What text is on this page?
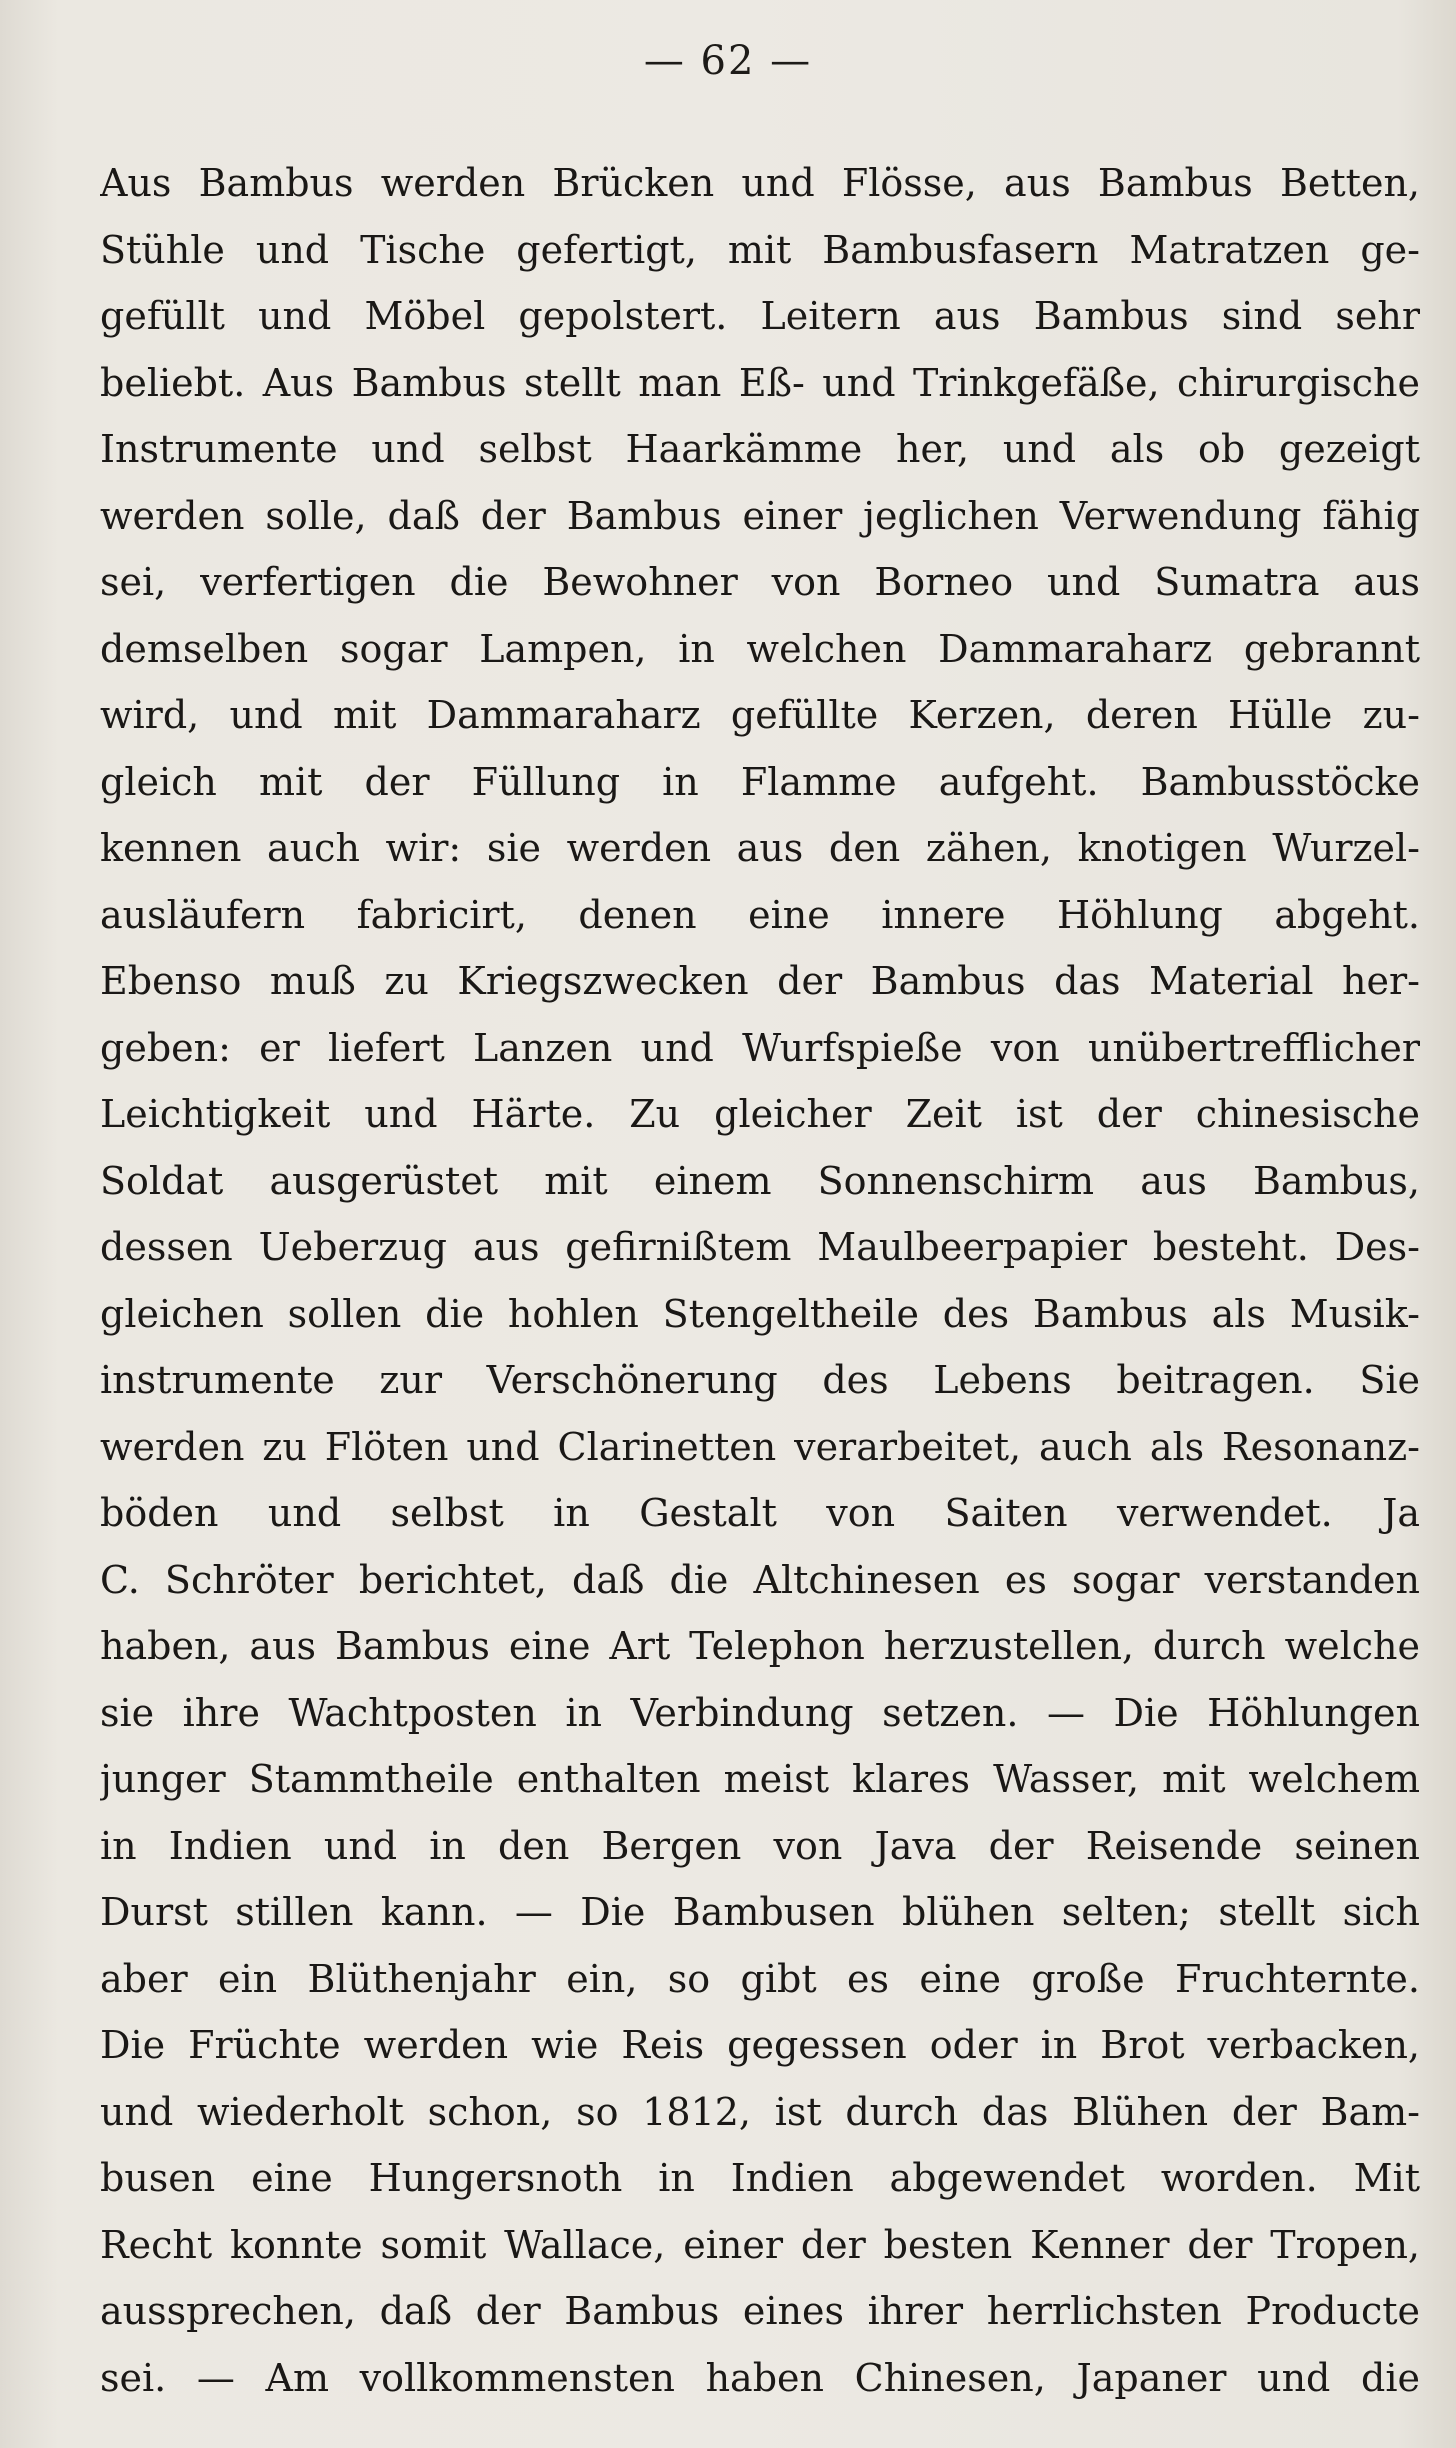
— 62 —
Aus Bambus werden Brücken und Flösse, aus Bambus Betten,
Stühle und Tische gefertigt, mit Bambusfasern Matratzen ge-
gefüllt und Möbel gepolstert. Leitern aus Bambus sind sehr
beliebt. Aus Bambus stellt man Eß- und Trinkgefäße, chirurgische
Instrumente und selbst Haarkämme her, und als ob gezeigt
werden solle, daß der Bambus einer jeglichen Verwendung fähig
sei, verfertigen die Bewohner von Borneo und Sumatra aus
demselben sogar Lampen, in welchen Dammaraharz gebrannt
wird, und mit Dammaraharz gefüllte Kerzen, deren Hülle zu-
gleich mit der Füllung in Flamme aufgeht. Bambusstöcke
kennen auch wir: sie werden aus den zähen, knotigen Wurzel-
ausläufern fabricirt, denen eine innere Höhlung abgeht.
Ebenso muß zu Kriegszwecken der Bambus das Material her-
geben: er liefert Lanzen und Wurfspieße von unübertrefflicher
Leichtigkeit und Härte. Zu gleicher Zeit ist der chinesische
Soldat ausgerüstet mit einem Sonnenschirm aus Bambus,
dessen Ueberzug aus gefirnißtem Maulbeerpapier besteht. Des-
gleichen sollen die hohlen Stengeltheile des Bambus als Musik-
instrumente zur Verschönerung des Lebens beitragen. Sie
werden zu Flöten und Clarinetten verarbeitet, auch als Resonanz-
böden und selbst in Gestalt von Saiten verwendet. Ja
C. Schröter berichtet, daß die Altchinesen es sogar verstanden
haben, aus Bambus eine Art Telephon herzustellen, durch welche
sie ihre Wachtposten in Verbindung setzen. — Die Höhlungen
junger Stammtheile enthalten meist klares Wasser, mit welchem
in Indien und in den Bergen von Java der Reisende seinen
Durst stillen kann. — Die Bambusen blühen selten; stellt sich
aber ein Blüthenjahr ein, so gibt es eine große Fruchternte.
Die Früchte werden wie Reis gegessen oder in Brot verbacken,
und wiederholt schon, so 1812, ist durch das Blühen der Bam-
busen eine Hungersnoth in Indien abgewendet worden. Mit
Recht konnte somit Wallace, einer der besten Kenner der Tropen,
aussprechen, daß der Bambus eines ihrer herrlichsten Producte
sei. — Am vollkommensten haben Chinesen, Japaner und die
